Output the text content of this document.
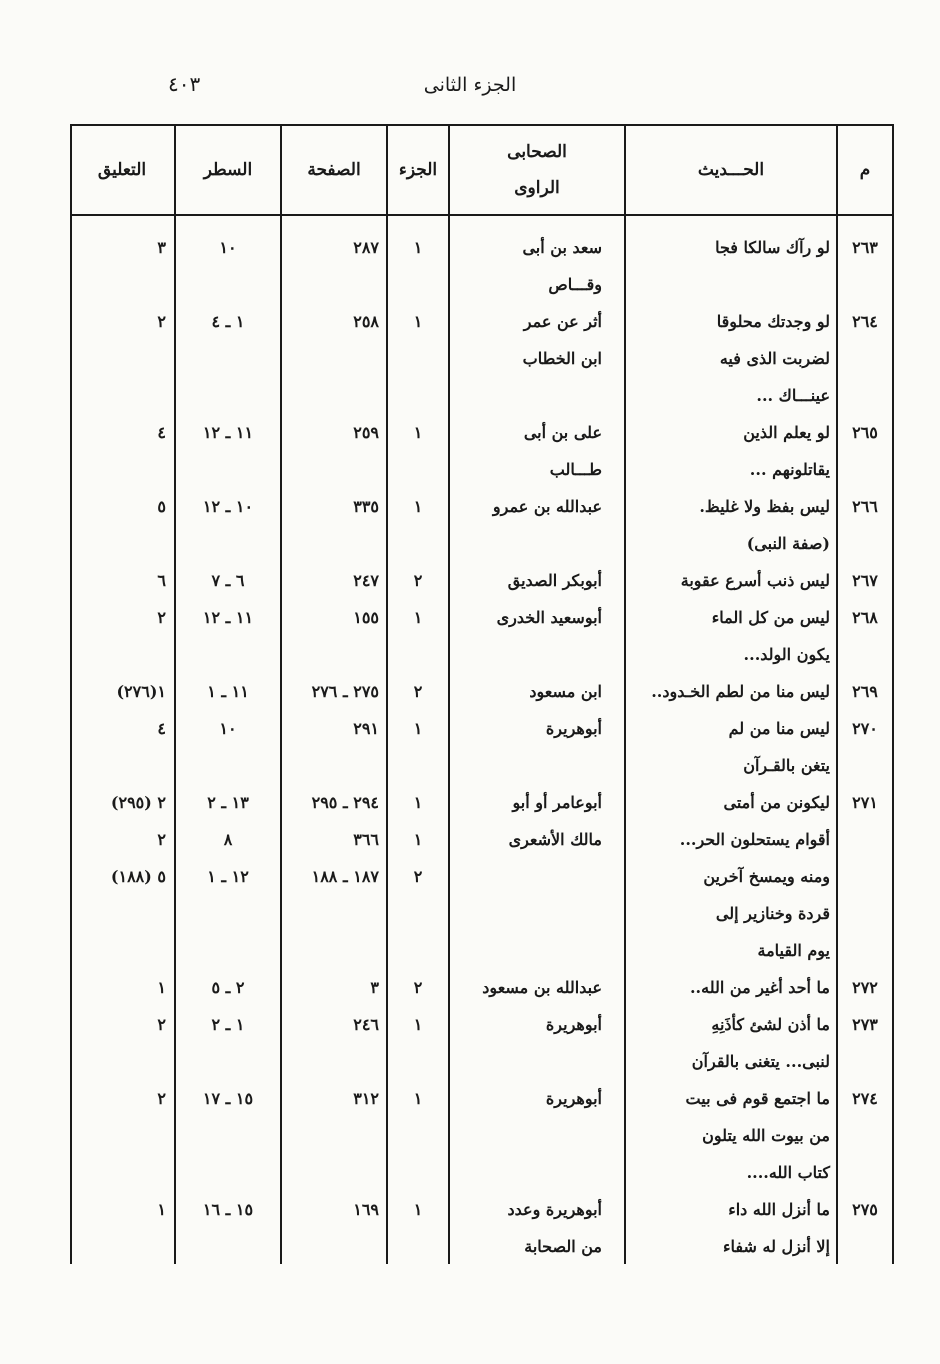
الجزء الثانى
٤٠٣
م
الحـــديث
الصحابى
الراوى
الجزء
الصفحة
السطر
التعليق
٢٦٣
لو رآك سالكا فجا
سعد بن أبى
وقـــاص
١
٢٨٧
١٠
٣
٢٦٤
لو وجدتك محلوقا
لضربت الذى فيه
عينـــاك ...
أثر عن عمر
ابن الخطاب
١
٢٥٨
١ ـ ٤
٢
٢٦٥
لو يعلم الذين
يقاتلونهم ...
على بن أبى
طـــالب
١
٢٥٩
١١ ـ ١٢
٤
٢٦٦
ليس بفظ ولا غليظ.
(صفة النبى)
عبدالله بن عمرو
١
٣٣٥
١٠ ـ ١٢
٥
٢٦٧
ليس ذنب أسرع عقوبة
أبوبكر الصديق
٢
٢٤٧
٦ ـ ٧
٦
٢٦٨
ليس من كل الماء
يكون الولد...
أبوسعيد الخدرى
١
١٥٥
١١ ـ ١٢
٢
٢٦٩
ليس منا من لطم الخـدود..
ابن مسعود
٢
٢٧٥ ـ ٢٧٦
١١ ـ ١
١(٢٧٦)
٢٧٠
ليس منا من لم
يتغن بالقـرآن
أبوهريرة
١
٢٩١
١٠
٤
٢٧١
ليكونن من أمتى
أقوام يستحلون الحر...
ومنه ويمسخ آخرين
قردة وخنازير إلى
يوم القيامة
أبوعامر أو أبو
مالك الأشعرى
١
١
٢
٢٩٤ ـ ٢٩٥
٣٦٦
١٨٧ ـ ١٨٨
١٣ ـ ٢
٨
١٢ ـ ١
٢ (٢٩٥)
٢
٥ (١٨٨)
٢٧٢
ما أحد أغير من الله..
عبدالله بن مسعود
٢
٣
٢ ـ ٥
١
٢٧٣
ما أذن لشئ كأذَنِهِ
لنبى... يتغنى بالقرآن
أبوهريرة
١
٢٤٦
١ ـ ٢
٢
٢٧٤
ما اجتمع قوم فى بيت
من بيوت الله يتلون
كتاب الله....
أبوهريرة
١
٣١٢
١٥ ـ ١٧
٢
٢٧٥
ما أنزل الله داء
إلا أنزل له شفاء
أبوهريرة وعدد
من الصحابة
١
١٦٩
١٥ ـ ١٦
١
